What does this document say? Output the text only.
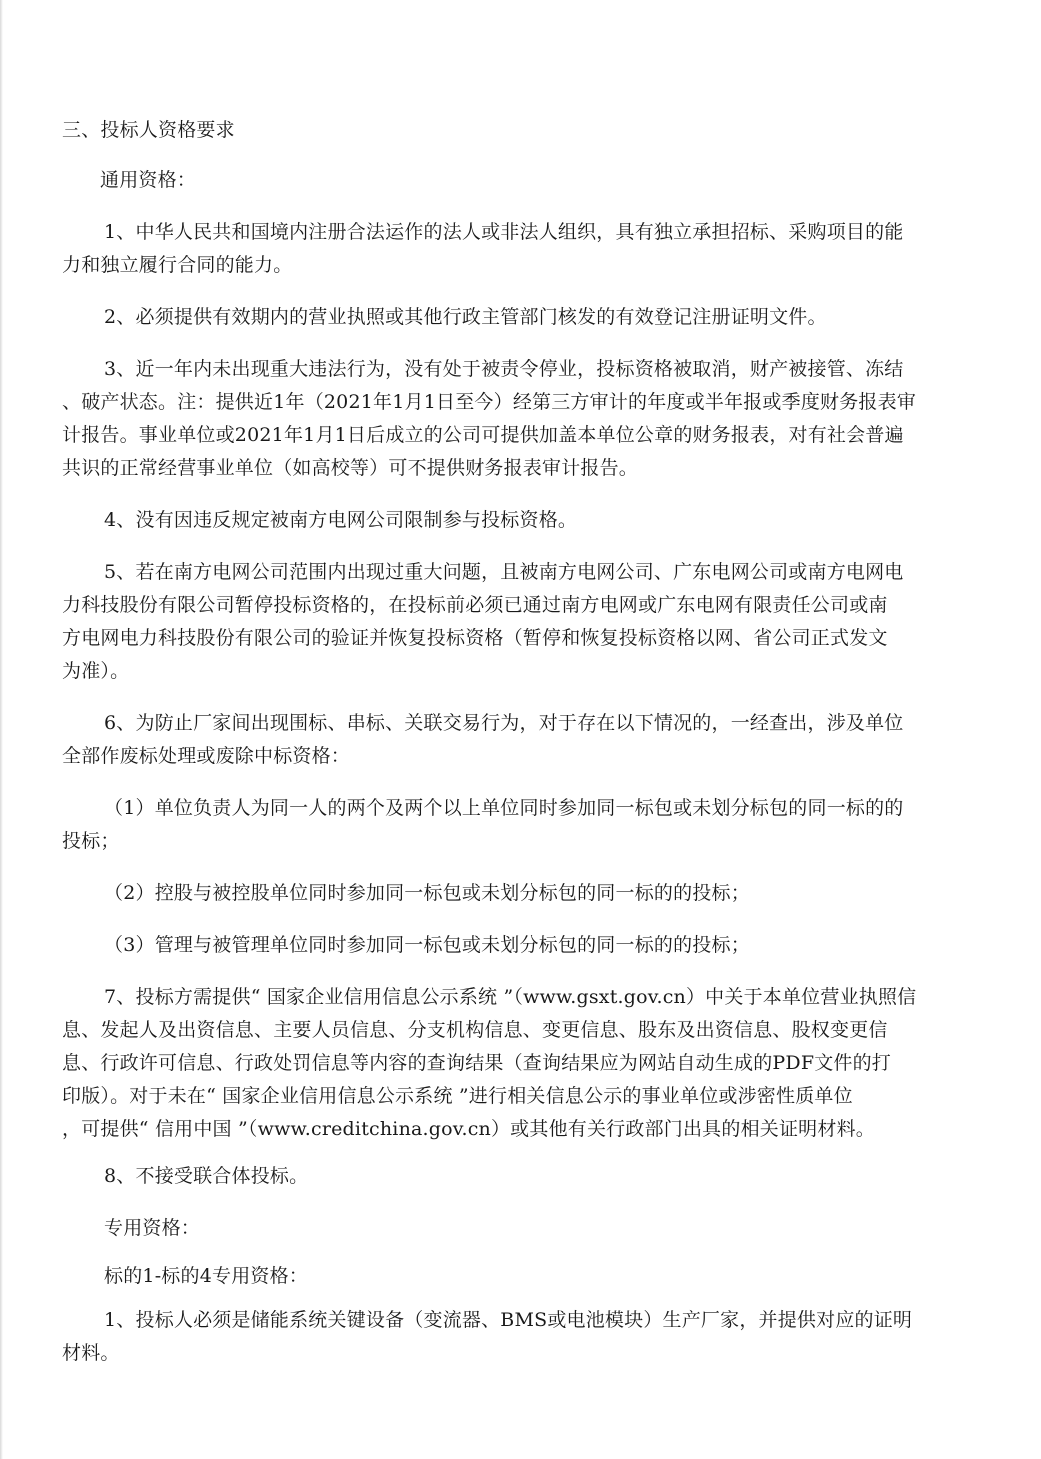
三、投标人资格要求
通用资格：
1、中华人民共和国境内注册合法运作的法人或非法人组织，具有独立承担招标、采购项目的能
力和独立履行合同的能力。
2、必须提供有效期内的营业执照或其他行政主管部门核发的有效登记注册证明文件。
3、近一年内未出现重大违法行为，没有处于被责令停业，投标资格被取消，财产被接管、冻结
、破产状态。注：提供近1年（2021年1月1日至今）经第三方审计的年度或半年报或季度财务报表审
计报告。事业单位或2021年1月1日后成立的公司可提供加盖本单位公章的财务报表，对有社会普遍
共识的正常经营事业单位（如高校等）可不提供财务报表审计报告。
4、没有因违反规定被南方电网公司限制参与投标资格。
5、若在南方电网公司范围内出现过重大问题，且被南方电网公司、广东电网公司或南方电网电
力科技股份有限公司暂停投标资格的，在投标前必须已通过南方电网或广东电网有限责任公司或南
方电网电力科技股份有限公司的验证并恢复投标资格（暂停和恢复投标资格以网、省公司正式发文
为准）。
6、为防止厂家间出现围标、串标、关联交易行为，对于存在以下情况的，一经查出，涉及单位
全部作废标处理或废除中标资格：
（1）单位负责人为同一人的两个及两个以上单位同时参加同一标包或未划分标包的同一标的的
投标；
（2）控股与被控股单位同时参加同一标包或未划分标包的同一标的的投标；
（3）管理与被管理单位同时参加同一标包或未划分标包的同一标的的投标；
7、投标方需提供“ 国家企业信用信息公示系统 ”（www.gsxt.gov.cn）中关于本单位营业执照信
息、发起人及出资信息、主要人员信息、分支机构信息、变更信息、股东及出资信息、股权变更信
息、行政许可信息、行政处罚信息等内容的查询结果（查询结果应为网站自动生成的PDF文件的打
印版）。对于未在“ 国家企业信用信息公示系统 ”进行相关信息公示的事业单位或涉密性质单位
，可提供“ 信用中国 ”（www.creditchina.gov.cn）或其他有关行政部门出具的相关证明材料。
8、不接受联合体投标。
专用资格：
标的1-标的4专用资格：
1、投标人必须是储能系统关键设备（变流器、BMS或电池模块）生产厂家，并提供对应的证明
材料。
